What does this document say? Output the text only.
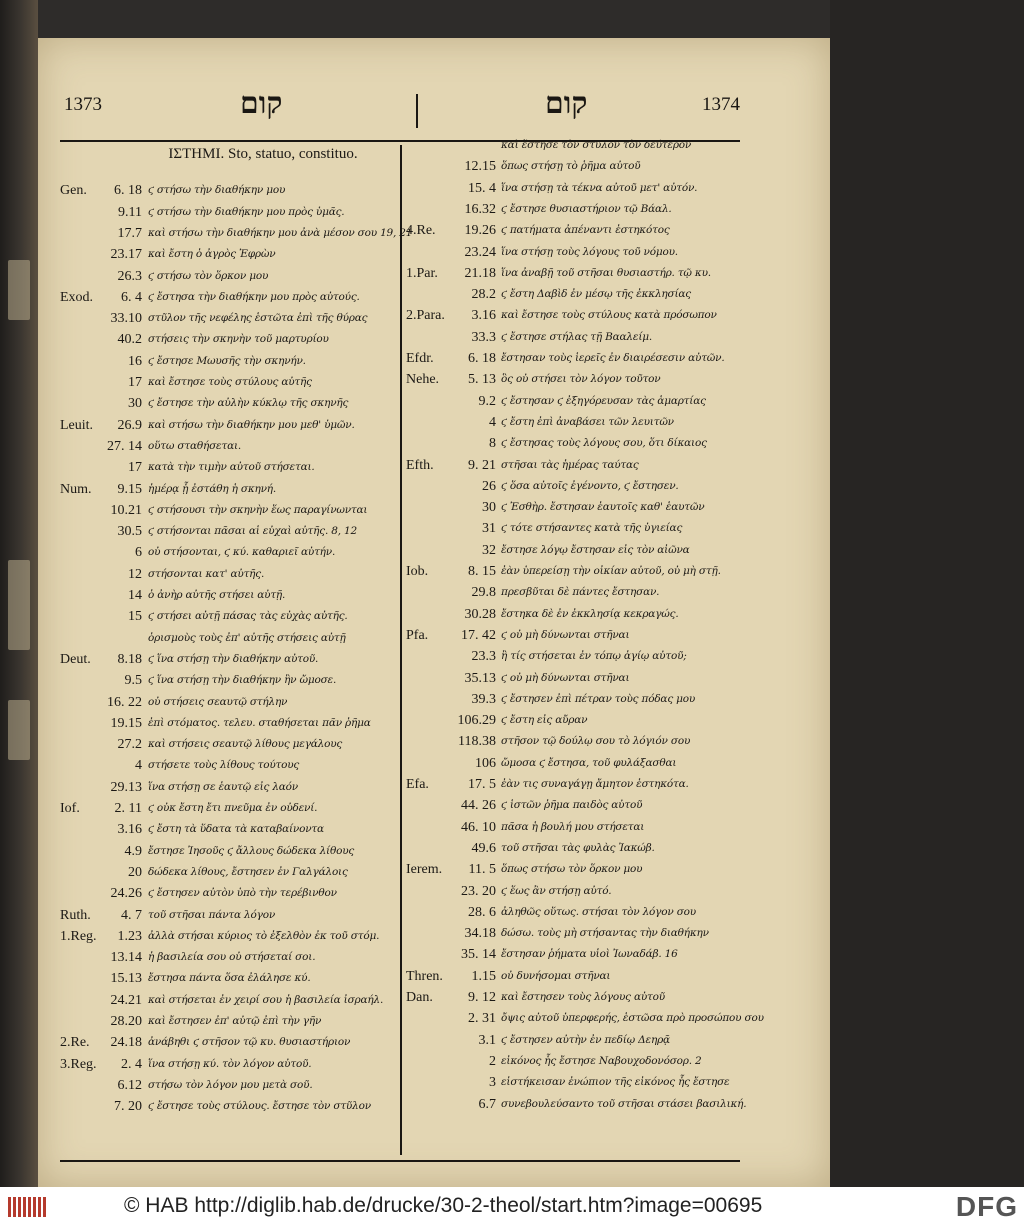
1373	קום	קום	1374
ΙΣΤΗΜΙ. Sto, statuo, constituo.
Gen. 6. 18 ϛ στήσω τὴν διαθήκην μου
9.11 ϛ στήσω τὴν διαθήκην μου πρὸς ὑμᾶς.
17.7 καὶ στήσω τὴν διαθήκην μου ἀνὰ μέσον σου 19, 21
23.17 καὶ ἔστη ὁ ἀγρὸς Ἐφρὼν
26.3 ϛ στήσω τὸν ὅρκον μου
Exod. 6. 4 ϛ ἔστησα τὴν διαθήκην μου πρὸς αὐτούς.
33.10 στῦλον τῆς νεφέλης ἑστῶτα ἐπὶ τῆς θύρας
40.2 στήσεις τὴν σκηνὴν τοῦ μαρτυρίου
16 ϛ ἔστησε Μωυσῆς τὴν σκηνήν.
17 καὶ ἔστησε τοὺς στύλους αὐτῆς
30 ϛ ἔστησε τὴν αὐλὴν κύκλῳ τῆς σκηνῆς
Leuit. 26.9 καὶ στήσω τὴν διαθήκην μου μεθ' ὑμῶν.
27. 14 οὕτω σταθήσεται.
17 κατὰ τὴν τιμὴν αὐτοῦ στήσεται.
Num. 9.15 ἡμέρᾳ ᾗ ἐστάθη ἡ σκηνή.
10.21 ϛ στήσουσι τὴν σκηνὴν ἕως παραγίνωνται
30.5 ϛ στήσονται πᾶσαι αἱ εὐχαὶ αὐτῆς. 8, 12
6 οὐ στήσονται, ϛ κύ. καθαριεῖ αὐτήν.
12 στήσονται κατ' αὐτῆς.
14 ὁ ἀνὴρ αὐτῆς στήσει αὐτῇ.
15 ϛ στήσει αὐτῇ πάσας τὰς εὐχὰς αὐτῆς.
ὁρισμοὺς τοὺς ἐπ' αὐτῆς στήσεις αὐτῇ
Deut. 8.18 ϛ ἵνα στήσῃ τὴν διαθήκην αὐτοῦ.
9.5 ϛ ἵνα στήσῃ τὴν διαθήκην ἣν ὤμοσε.
16. 22 οὐ στήσεις σεαυτῷ στήλην
19.15 ἐπὶ στόματος. τελευ. σταθήσεται πᾶν ῥῆμα
27.2 καὶ στήσεις σεαυτῷ λίθους μεγάλους
4 στήσετε τοὺς λίθους τούτους
29.13 ἵνα στήσῃ σε ἑαυτῷ εἰς λαόν
Iof. 2. 11 ϛ οὐκ ἔστη ἔτι πνεῦμα ἐν οὐδενί.
3.16 ϛ ἔστη τὰ ὕδατα τὰ καταβαίνοντα
4.9 ἔστησε Ἰησοῦς ϛ ἄλλους δώδεκα λίθους
20 δώδεκα λίθους, ἔστησεν ἐν Γαλγάλοις
24.26 ϛ ἔστησεν αὐτὸν ὑπὸ τὴν τερέβινθον
Ruth. 4. 7 τοῦ στῆσαι πάντα λόγον
1.Reg. 1.23 ἀλλὰ στήσαι κύριος τὸ ἐξελθὸν ἐκ τοῦ στόμ.
13.14 ἡ βασιλεία σου οὐ στήσεταί σοι.
15.13 ἔστησα πάντα ὅσα ἐλάλησε κύ.
24.21 καὶ στήσεται ἐν χειρί σου ἡ βασιλεία ἰσραήλ.
28.20 καὶ ἔστησεν ἐπ' αὐτῷ ἐπὶ τὴν γῆν
2.Re. 24.18 ἀνάβηθι ϛ στῆσον τῷ κυ. θυσιαστήριον
3.Reg. 2. 4 ἵνα στήσῃ κύ. τὸν λόγον αὐτοῦ.
6.12 στήσω τὸν λόγον μου μετὰ σοῦ.
7. 20 ϛ ἔστησε τοὺς στύλους. ἔστησε τὸν στῦλον
καὶ ἔστησε τὸν στῦλον τὸν δεύτερον
12.15 ὅπως στήσῃ τὸ ῥῆμα αὐτοῦ
15. 4 ἵνα στήσῃ τὰ τέκνα αὐτοῦ μετ' αὐτόν.
16.32 ϛ ἔστησε θυσιαστήριον τῷ Βάαλ.
4.Re. 19.26 ϛ πατήματα ἀπέναντι ἑστηκότος
23.24 ἵνα στήσῃ τοὺς λόγους τοῦ νόμου.
1.Par. 21.18 ἵνα ἀναβῇ τοῦ στῆσαι θυσιαστήρ. τῷ κυ.
28.2 ϛ ἔστη Δαβὶδ ἐν μέσῳ τῆς ἐκκλησίας
2.Para. 3.16 καὶ ἔστησε τοὺς στύλους κατὰ πρόσωπον
33.3 ϛ ἔστησε στήλας τῇ Βααλείμ.
Efdr. 6. 18 ἔστησαν τοὺς ἱερεῖς ἐν διαιρέσεσιν αὐτῶν.
Nehe. 5. 13 ὃς οὐ στήσει τὸν λόγον τοῦτον
9.2 ϛ ἔστησαν ϛ ἐξηγόρευσαν τὰς ἁμαρτίας
4 ϛ ἔστη ἐπὶ ἀναβάσει τῶν λευιτῶν
8 ϛ ἔστησας τοὺς λόγους σου, ὅτι δίκαιος
Efth. 9. 21 στῆσαι τὰς ἡμέρας ταύτας
26 ϛ ὅσα αὐτοῖς ἐγένοντο, ϛ ἔστησεν.
30 ϛ Ἐσθὴρ. ἔστησαν ἑαυτοῖς καθ' ἑαυτῶν
31 ϛ τότε στήσαντες κατὰ τῆς ὑγιείας
32 ἔστησε λόγῳ ἔστησαν εἰς τὸν αἰῶνα
Iob.	8. 15 ἐὰν ὑπερείσῃ τὴν οἰκίαν αὐτοῦ, οὐ μὴ στῇ.
29.8 πρεσβῦται δὲ πάντες ἔστησαν.
30.28 ἔστηκα δὲ ἐν ἐκκλησίᾳ κεκραγώς.
Pfa. 17. 42 ϛ οὐ μὴ δύνωνται στῆναι
23.3 ἢ τίς στήσεται ἐν τόπῳ ἁγίῳ αὐτοῦ;
35.13 ϛ οὐ μὴ δύνωνται στῆναι
39.3 ϛ ἔστησεν ἐπὶ πέτραν τοὺς πόδας μου
106.29 ϛ ἔστη εἰς αὔραν
118.38 στῆσον τῷ δούλῳ σου τὸ λόγιόν σου
106 ὤμοσα ϛ ἔστησα, τοῦ φυλάξασθαι
Efa.	17. 5 ἐὰν τις συναγάγῃ ἄμητον ἑστηκότα.
44. 26 ϛ ἱστῶν ῥῆμα παιδὸς αὐτοῦ
46. 10 πᾶσα ἡ βουλή μου στήσεται
49.6 τοῦ στῆσαι τὰς φυλὰς Ἰακώβ.
Ierem. 11. 5 ὅπως στήσω τὸν ὅρκον μου
23. 20 ϛ ἕως ἂν στήσῃ αὐτό.
28. 6 ἀληθῶς οὕτως. στήσαι τὸν λόγον σου
34.18 δώσω. τοὺς μὴ στήσαντας τὴν διαθήκην
35. 14 ἔστησαν ῥήματα υἱοὶ Ἰωναδάβ. 16
Thren. 1.15 οὐ δυνήσομαι στῆναι
Dan.	9. 12 καὶ ἔστησεν τοὺς λόγους αὐτοῦ
2. 31 ὄψις αὐτοῦ ὑπερφερής, ἑστῶσα πρὸ προσώπου σου
3.1 ϛ ἔστησεν αὐτὴν ἐν πεδίῳ Δεηρᾷ
2 εἰκόνος ἧς ἔστησε Ναβουχοδονόσορ. 2
3 εἱστήκεισαν ἐνώπιον τῆς εἰκόνος ἧς ἔστησε
6.7 συνεβουλεύσαντο τοῦ στῆσαι στάσει βασιλική.
© HAB http://diglib.hab.de/drucke/30-2-theol/start.htm?image=00695	DFG
